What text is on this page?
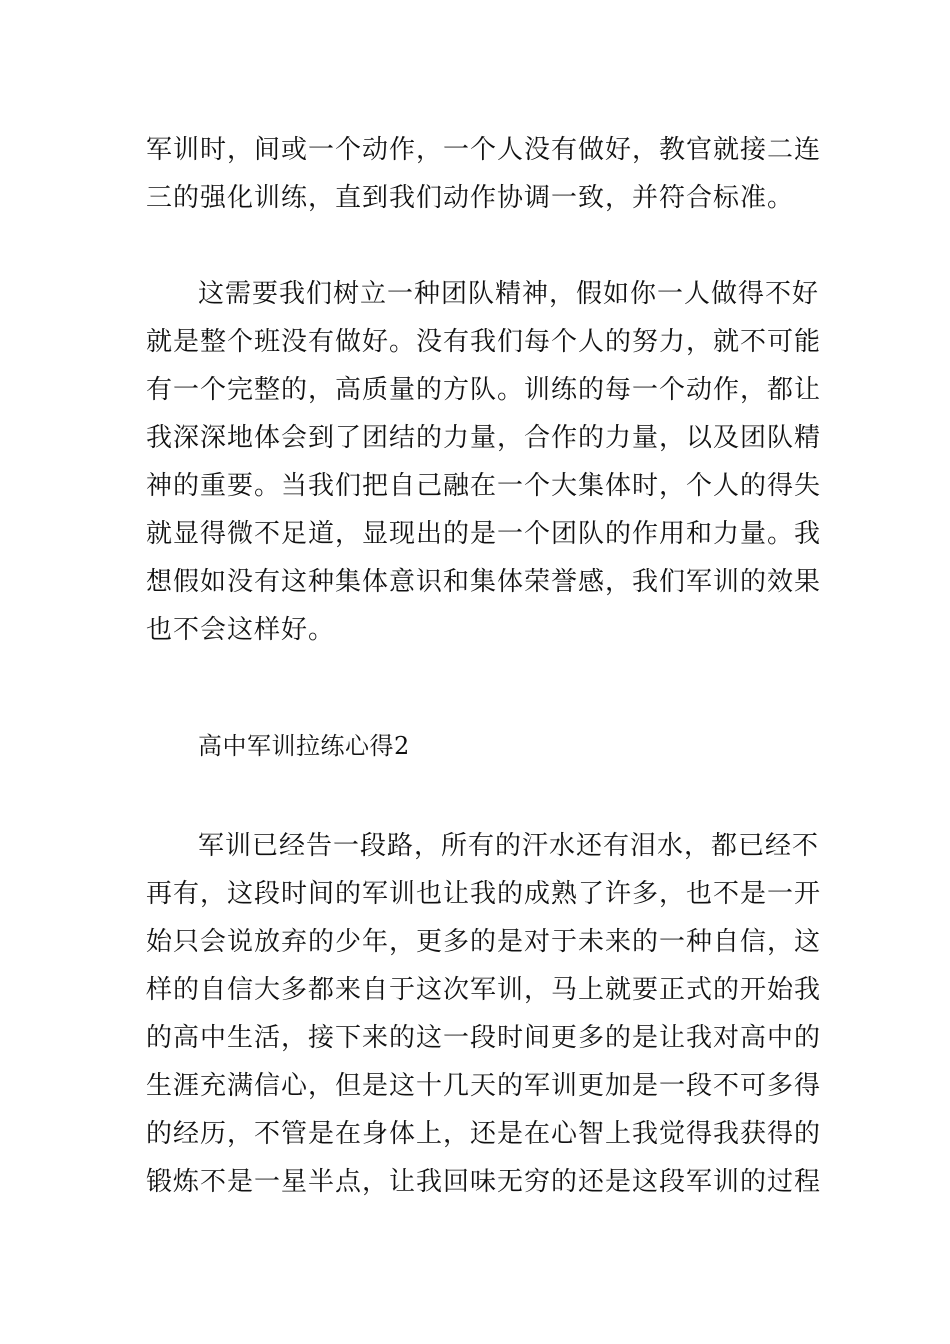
军训时，间或一个动作，一个人没有做好，教官就接二连
三的强化训练，直到我们动作协调一致，并符合标准。
这需要我们树立一种团队精神，假如你一人做得不好
就是整个班没有做好。没有我们每个人的努力，就不可能
有一个完整的，高质量的方队。训练的每一个动作，都让
我深深地体会到了团结的力量，合作的力量，以及团队精
神的重要。当我们把自己融在一个大集体时，个人的得失
就显得微不足道，显现出的是一个团队的作用和力量。我
想假如没有这种集体意识和集体荣誉感，我们军训的效果
也不会这样好。
高中军训拉练心得2
军训已经告一段路，所有的汗水还有泪水，都已经不
再有，这段时间的军训也让我的成熟了许多，也不是一开
始只会说放弃的少年，更多的是对于未来的一种自信，这
样的自信大多都来自于这次军训，马上就要正式的开始我
的高中生活，接下来的这一段时间更多的是让我对高中的
生涯充满信心，但是这十几天的军训更加是一段不可多得
的经历，不管是在身体上，还是在心智上我觉得我获得的
锻炼不是一星半点，让我回味无穷的还是这段军训的过程
